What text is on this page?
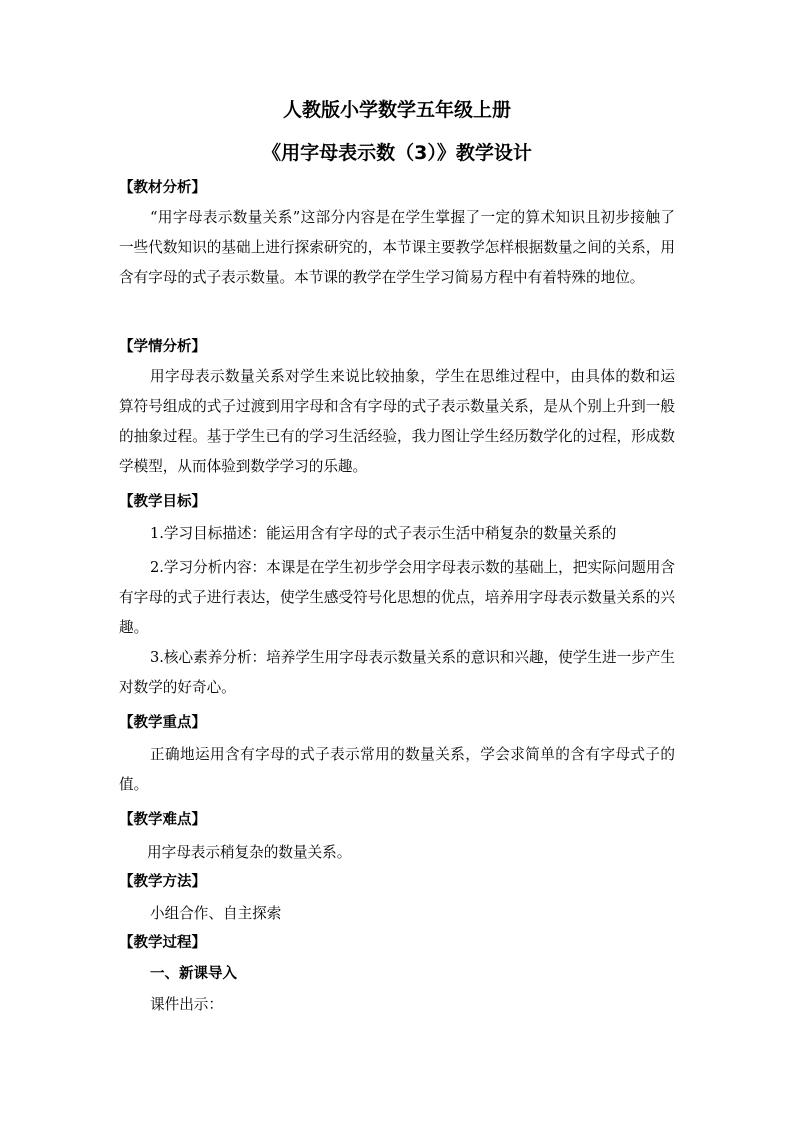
人教版小学数学五年级上册
《用字母表示数（3）》教学设计
【教材分析】

“用字母表示数量关系”这部分内容是在学生掌握了一定的算术知识且初步接触了一些代数知识的基础上进行探索研究的，本节课主要教学怎样根据数量之间的关系，用含有字母的式子表示数量。本节课的教学在学生学习简易方程中有着特殊的地位。

【学情分析】

用字母表示数量关系对学生来说比较抽象，学生在思维过程中，由具体的数和运算符号组成的式子过渡到用字母和含有字母的式子表示数量关系，是从个别上升到一般的抽象过程。基于学生已有的学习生活经验，我力图让学生经历数学化的过程，形成数学模型，从而体验到数学学习的乐趣。

【教学目标】
1.学习目标描述：能运用含有字母的式子表示生活中稍复杂的数量关系的

2.学习分析内容：本课是在学生初步学会用字母表示数的基础上，把实际问题用含有字母的式子进行表达，使学生感受符号化思想的优点，培养用字母表示数量关系的兴趣。

3.核心素养分析：培养学生用字母表示数量关系的意识和兴趣，使学生进一步产生对数学的好奇心。

【教学重点】

正确地运用含有字母的式子表示常用的数量关系，学会求简单的含有字母式子的值。

【教学难点】
用字母表示稍复杂的数量关系。
【教学方法】
小组合作、自主探索
【教学过程】
一、新课导入
课件出示：
